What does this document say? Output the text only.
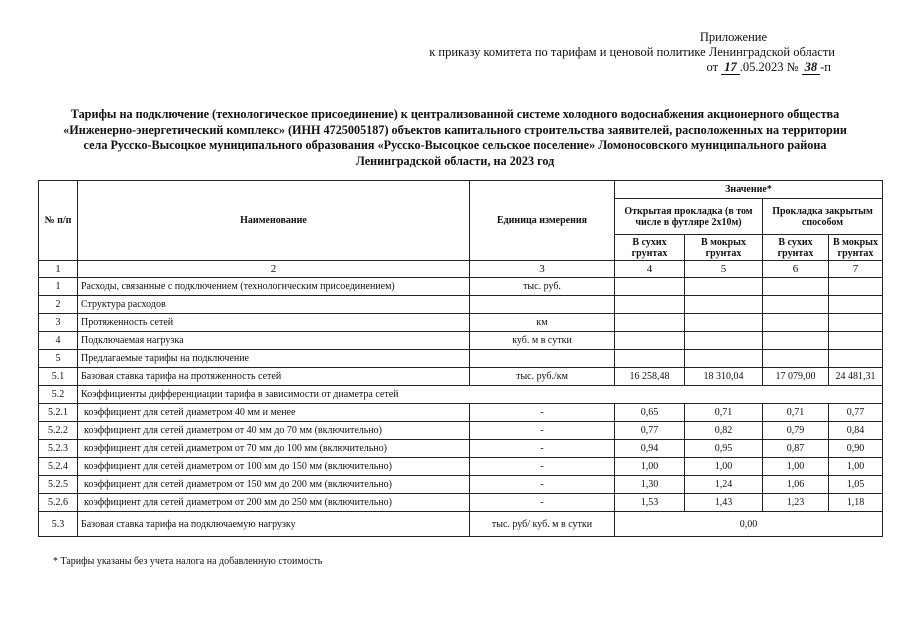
Приложение
к приказу комитета по тарифам и ценовой политике Ленинградской области
от 17 .05.2023 № 38 -п
Тарифы на подключение (технологическое присоединение) к централизованной системе холодного водоснабжения акционерного общества
«Инженерно-энергетический комплекс» (ИНН 4725005187) объектов капитального строительства заявителей, расположенных на территории
села Русско-Высоцкое муниципального образования «Русско-Высоцкое сельское поселение» Ломоносовского муниципального района
Ленинградской области, на 2023 год
№ п/п	Наименование	Единица измерения	Значение*			
			Открытая прокладка (в том числе в футляре 2х10м)		Прокладка закрытым способом	
			В сухих грунтах	В мокрых грунтах	В сухих грунтах	В мокрых грунтах
1	2	3	4	5	6	7
1	Расходы, связанные с подключением (технологическим присоединением)	тыс. руб.				
2	Структура расходов					
3	Протяженность сетей	км				
4	Подключаемая нагрузка	куб. м в сутки				
5	Предлагаемые тарифы на подключение					
5.1	Базовая ставка тарифа на протяженность сетей	тыс. руб./км	16 258,48	18 310,04	17 079,00	24 481,31
5.2	Коэффициенты дифференциации тарифа в зависимости от диаметра сетей					
5.2.1	коэффициент для сетей диаметром 40 мм и менее	-	0,65	0,71	0,71	0,77
5.2.2	коэффициент для сетей диаметром от 40 мм до 70 мм (включительно)	-	0,77	0,82	0,79	0,84
5.2.3	коэффициент для сетей диаметром от 70 мм до 100 мм (включительно)	-	0,94	0,95	0,87	0,90
5.2.4	коэффициент для сетей диаметром от 100 мм до 150 мм (включительно)	-	1,00	1,00	1,00	1,00
5.2.5	коэффициент для сетей диаметром от 150 мм до 200 мм (включительно)	-	1,30	1,24	1,06	1,05
5.2.6	коэффициент для сетей диаметром от 200 мм до 250 мм (включительно)	-	1,53	1,43	1,23	1,18
5.3	Базовая ставка тарифа на подключаемую нагрузку	тыс. руб/ куб. м в сутки	0,00			
* Тарифы указаны без учета налога на добавленную стоимость
